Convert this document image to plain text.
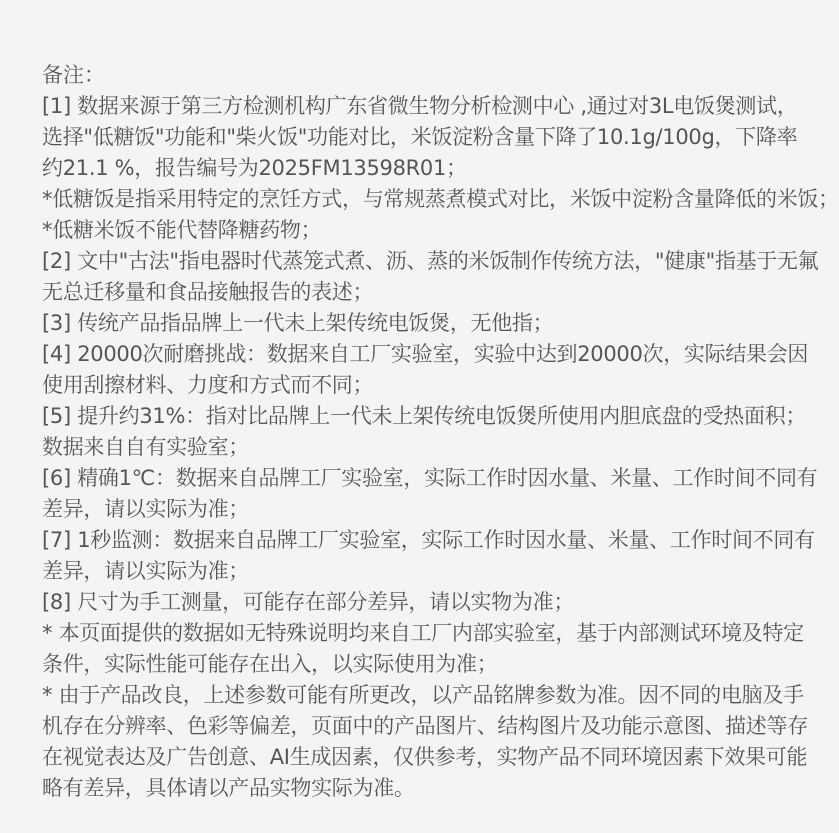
备注：

[1] 数据来源于第三方检测机构广东省微生物分析检测中心 ,通过对3L电饭煲测试，

选择"低糖饭"功能和"柴火饭"功能对比，米饭淀粉含量下降了10.1g/100g，下降率

约21.1 %，报告编号为2025FM13598R01；

*低糖饭是指采用特定的烹饪方式，与常规蒸煮模式对比，米饭中淀粉含量降低的米饭；

*低糖米饭不能代替降糖药物；

[2] 文中"古法"指电器时代蒸笼式煮、沥、蒸的米饭制作传统方法，"健康"指基于无氟

无总迁移量和食品接触报告的表述；

[3] 传统产品指品牌上一代未上架传统电饭煲，无他指；

[4] 20000次耐磨挑战：数据来自工厂实验室，实验中达到20000次，实际结果会因

使用刮擦材料、力度和方式而不同；

[5] 提升约31%：指对比品牌上一代未上架传统电饭煲所使用内胆底盘的受热面积；

数据来自自有实验室；

[6] 精确1℃：数据来自品牌工厂实验室，实际工作时因水量、米量、工作时间不同有

差异，请以实际为准；

[7] 1秒监测：数据来自品牌工厂实验室，实际工作时因水量、米量、工作时间不同有

差异，请以实际为准；

[8] 尺寸为手工测量，可能存在部分差异，请以实物为准；

* 本页面提供的数据如无特殊说明均来自工厂内部实验室，基于内部测试环境及特定

条件，实际性能可能存在出入，以实际使用为准；

* 由于产品改良，上述参数可能有所更改，以产品铭牌参数为准。因不同的电脑及手

机存在分辨率、色彩等偏差，页面中的产品图片、结构图片及功能示意图、描述等存

在视觉表达及广告创意、AI生成因素，仅供参考，实物产品不同环境因素下效果可能

略有差异，具体请以产品实物实际为准。
